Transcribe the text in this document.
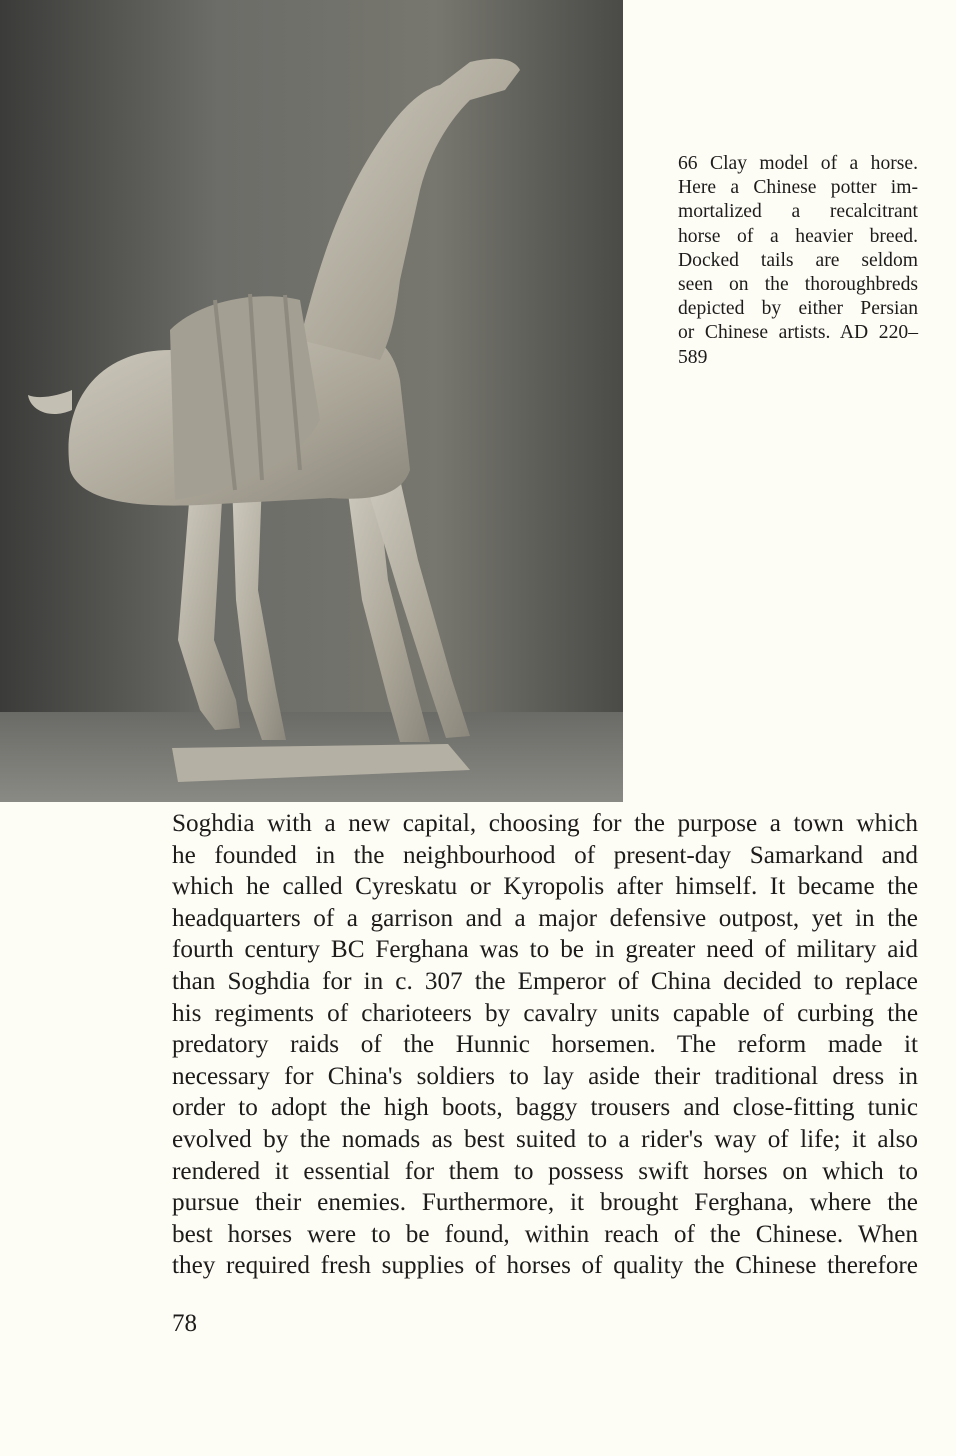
66 Clay model of a horse.
Here a Chinese potter im-
mortalized a recalcitrant
horse of a heavier breed.
Docked tails are seldom
seen on the thoroughbreds
depicted by either Persian
or Chinese artists. AD 220–
589
Soghdia with a new capital, choosing for the purpose a town which
he founded in the neighbourhood of present-day Samarkand and
which he called Cyreskatu or Kyropolis after himself. It became the
headquarters of a garrison and a major defensive outpost, yet in the
fourth century BC Ferghana was to be in greater need of military aid
than Soghdia for in c. 307 the Emperor of China decided to replace
his regiments of charioteers by cavalry units capable of curbing the
predatory raids of the Hunnic horsemen. The reform made it
necessary for China's soldiers to lay aside their traditional dress in
order to adopt the high boots, baggy trousers and close-fitting tunic
evolved by the nomads as best suited to a rider's way of life; it also
rendered it essential for them to possess swift horses on which to
pursue their enemies. Furthermore, it brought Ferghana, where the
best horses were to be found, within reach of the Chinese. When
they required fresh supplies of horses of quality the Chinese therefore
78
